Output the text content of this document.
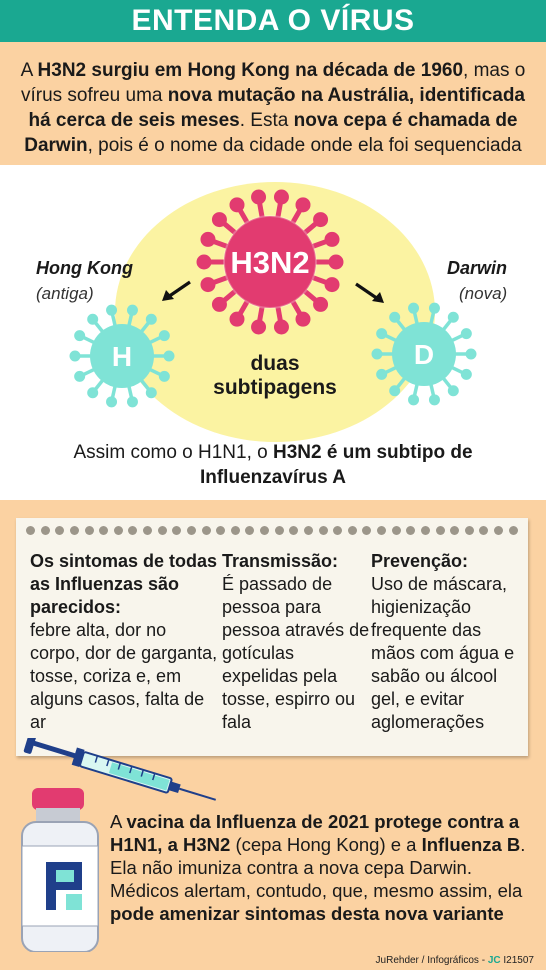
ENTENDA O VÍRUS

A H3N2 surgiu em Hong Kong na década de 1960, mas o vírus sofreu uma nova mutação na Austrália, identificada há cerca de seis meses. Esta nova cepa é chamada de Darwin, pois é o nome da cidade onde ela foi sequenciada

H3N2
H	D
Hong Kong
(antiga)
Darwin
(nova)
duas
subtipagens
Assim como o H1N1, o H3N2 é um subtipo de Influenzavírus A
Os sintomas de todas as Influenzas são parecidos:
febre alta, dor no corpo, dor de garganta, tosse, coriza e, em alguns casos, falta de ar
Transmissão:
É passado de pessoa para pessoa através de gotículas expelidas pela tosse, espirro ou fala
Prevenção:
Uso de máscara, higienização frequente das mãos com água e sabão ou álcool gel, e evitar aglomerações
A vacina da Influenza de 2021 protege contra a H1N1, a H3N2 (cepa Hong Kong) e a Influenza B. Ela não imuniza contra a nova cepa Darwin. Médicos alertam, contudo, que, mesmo assim, ela pode amenizar sintomas desta nova variante
JuRehder / Infográficos - JC I21507
